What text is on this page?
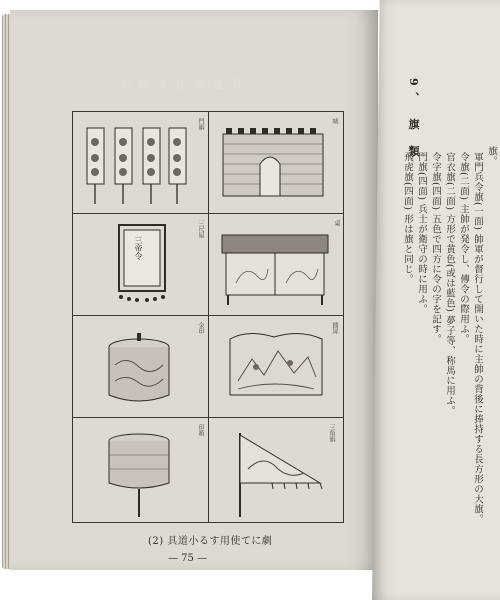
小 民 文 化 具 道 具
門旗	城
三帝令
三尺屋	桌
金印	插屏
印箱	三角旗
(2) 具道小るす用使てに劇
— 75 —
9、 旗 類	旗。
軍門兵令旗(一面) 帥軍が督行して開いた時に主帥の背後に捧持する長方形の大旗。
令旗(二面) 主帥が発令し、傳令の際用ふ。
官衣旗(二面) 方形で黄色(或は藍色) 夢子等、称馬に用ふ。
令字旗(四面) 五色で四方に令の字を記す。
門旗(四面) 兵士が衛守の時に用ふ。
飛虎旗(四面) 形は旗と同じ。
